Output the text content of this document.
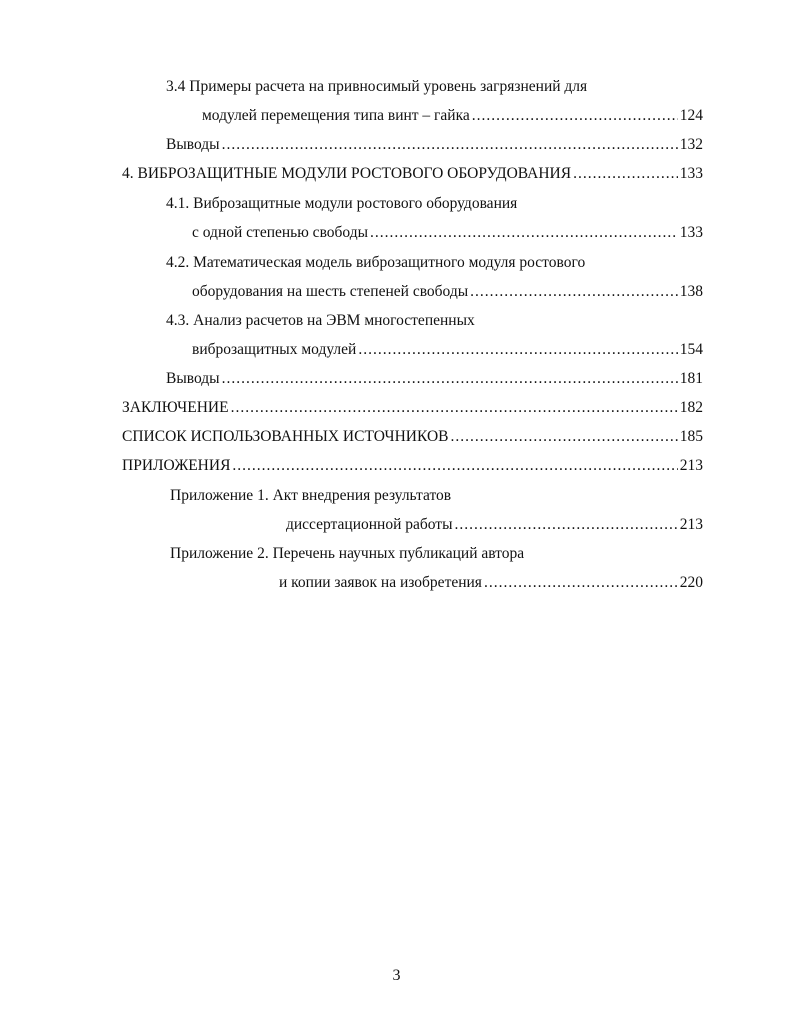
3.4 Примеры расчета на привносимый уровень загрязнений для
модулей перемещения типа винт – гайка .....	124
Выводы .....	132
4. ВИБРОЗАЩИТНЫЕ МОДУЛИ РОСТОВОГО ОБОРУДОВАНИЯ .....	133
4.1. Виброзащитные модули ростового оборудования
с одной степенью свободы .....	133
4.2. Математическая модель виброзащитного модуля ростового
оборудования на шесть степеней свободы .....	138
4.3. Анализ расчетов на ЭВМ многостепенных
виброзащитных модулей .....	154
Выводы .....	181
ЗАКЛЮЧЕНИЕ .....	182
СПИСОК ИСПОЛЬЗОВАННЫХ ИСТОЧНИКОВ .....	185
ПРИЛОЖЕНИЯ .....	213
Приложение 1. Акт внедрения результатов
диссертационной работы .....	213
Приложение 2. Перечень научных публикаций автора
и копии заявок на изобретения .....	220
3
